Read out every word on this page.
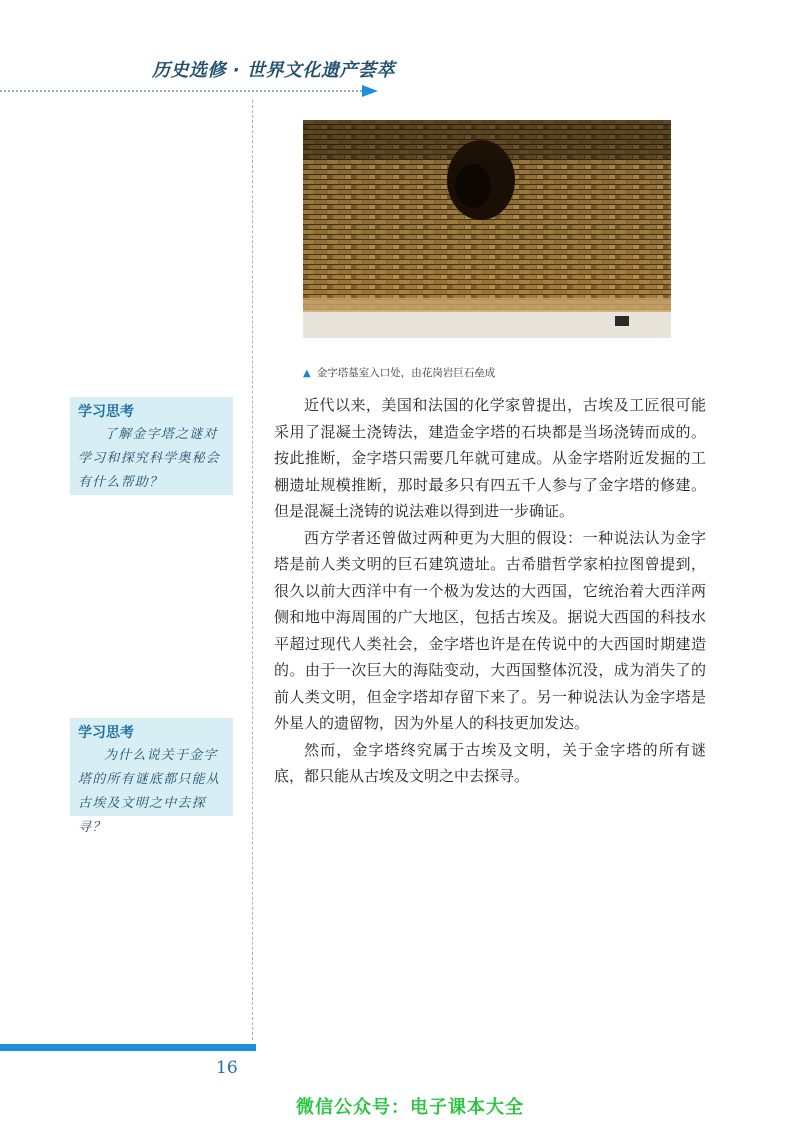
历史选修 · 世界文化遗产荟萃
▲ 金字塔墓室入口处，由花岗岩巨石垒成
学习思考
了解金字塔之谜对学习和探究科学奥秘会有什么帮助？
学习思考
为什么说关于金字塔的所有谜底都只能从古埃及文明之中去探寻？

近代以来，美国和法国的化学家曾提出，古埃及工匠很可能采用了混凝土浇铸法，建造金字塔的石块都是当场浇铸而成的。按此推断，金字塔只需要几年就可建成。从金字塔附近发掘的工棚遗址规模推断，那时最多只有四五千人参与了金字塔的修建。但是混凝土浇铸的说法难以得到进一步确证。

西方学者还曾做过两种更为大胆的假设：一种说法认为金字塔是前人类文明的巨石建筑遗址。古希腊哲学家柏拉图曾提到，很久以前大西洋中有一个极为发达的大西国，它统治着大西洋两侧和地中海周围的广大地区，包括古埃及。据说大西国的科技水平超过现代人类社会，金字塔也许是在传说中的大西国时期建造的。由于一次巨大的海陆变动，大西国整体沉没，成为消失了的前人类文明，但金字塔却存留下来了。另一种说法认为金字塔是外星人的遗留物，因为外星人的科技更加发达。

然而，金字塔终究属于古埃及文明，关于金字塔的所有谜底，都只能从古埃及文明之中去探寻。

16
微信公众号：电子课本大全
